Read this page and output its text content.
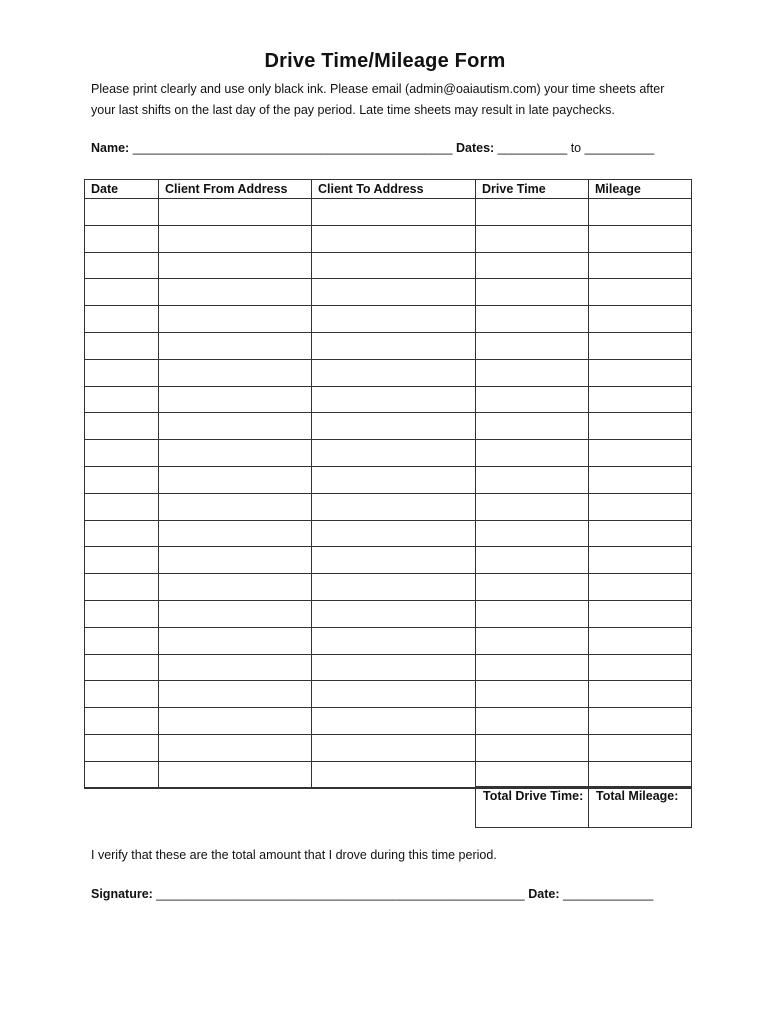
Drive Time/Mileage Form

Please print clearly and use only black ink. Please email (admin@oaiautism.com) your time sheets after

your last shifts on the last day of the pay period. Late time sheets may result in late paychecks.

Name: ______________________________________________ Dates: __________ to __________
Date	Client From Address	Client To Address	Drive Time	Mileage

Total Drive Time:	Total Mileage:
I verify that these are the total amount that I drove during this time period.
Signature: _____________________________________________________ Date: _____________
